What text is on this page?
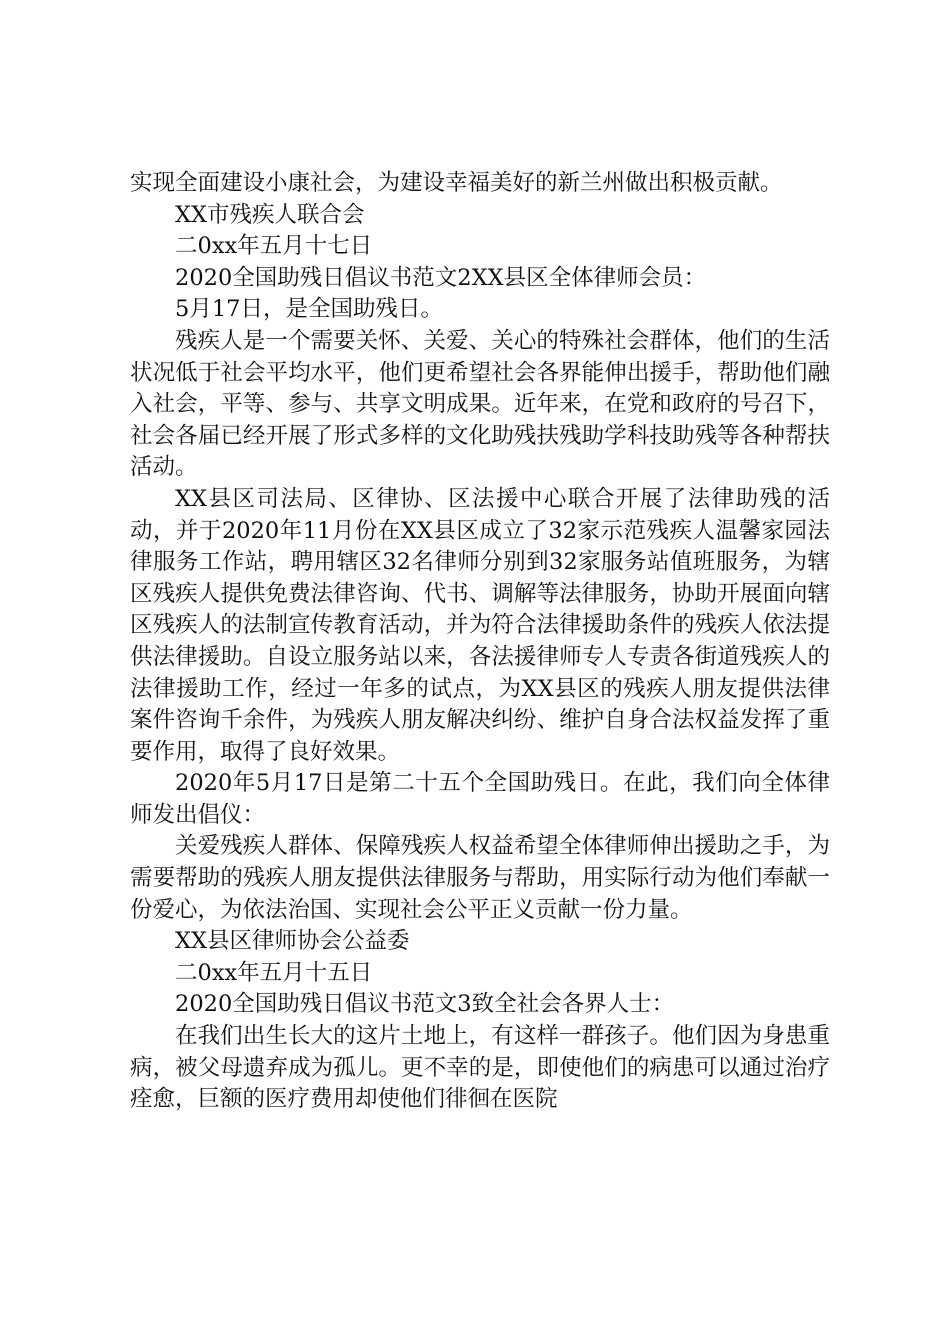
实现全面建设小康社会，为建设幸福美好的新兰州做出积极贡献。

XX市残疾人联合会

二0xx年五月十七日

2020全国助残日倡议书范文2XX县区全体律师会员：

5月17日，是全国助残日。

残疾人是一个需要关怀、关爱、关心的特殊社会群体，他们的生活状况低于社会平均水平，他们更希望社会各界能伸出援手，帮助他们融入社会，平等、参与、共享文明成果。近年来，在党和政府的号召下，社会各届已经开展了形式多样的文化助残扶残助学科技助残等各种帮扶活动。

XX县区司法局、区律协、区法援中心联合开展了法律助残的活动，并于2020年11月份在XX县区成立了32家示范残疾人温馨家园法律服务工作站，聘用辖区32名律师分别到32家服务站值班服务，为辖区残疾人提供免费法律咨询、代书、调解等法律服务，协助开展面向辖区残疾人的法制宣传教育活动，并为符合法律援助条件的残疾人依法提供法律援助。自设立服务站以来，各法援律师专人专责各街道残疾人的法律援助工作，经过一年多的试点，为XX县区的残疾人朋友提供法律案件咨询千余件，为残疾人朋友解决纠纷、维护自身合法权益发挥了重要作用，取得了良好效果。

2020年5月17日是第二十五个全国助残日。在此，我们向全体律师发出倡仪：

关爱残疾人群体、保障残疾人权益希望全体律师伸出援助之手，为需要帮助的残疾人朋友提供法律服务与帮助，用实际行动为他们奉献一份爱心，为依法治国、实现社会公平正义贡献一份力量。

XX县区律师协会公益委

二0xx年五月十五日

2020全国助残日倡议书范文3致全社会各界人士：

在我们出生长大的这片土地上，有这样一群孩子。他们因为身患重病，被父母遗弃成为孤儿。更不幸的是，即使他们的病患可以通过治疗痊愈，巨额的医疗费用却使他们徘徊在医院
